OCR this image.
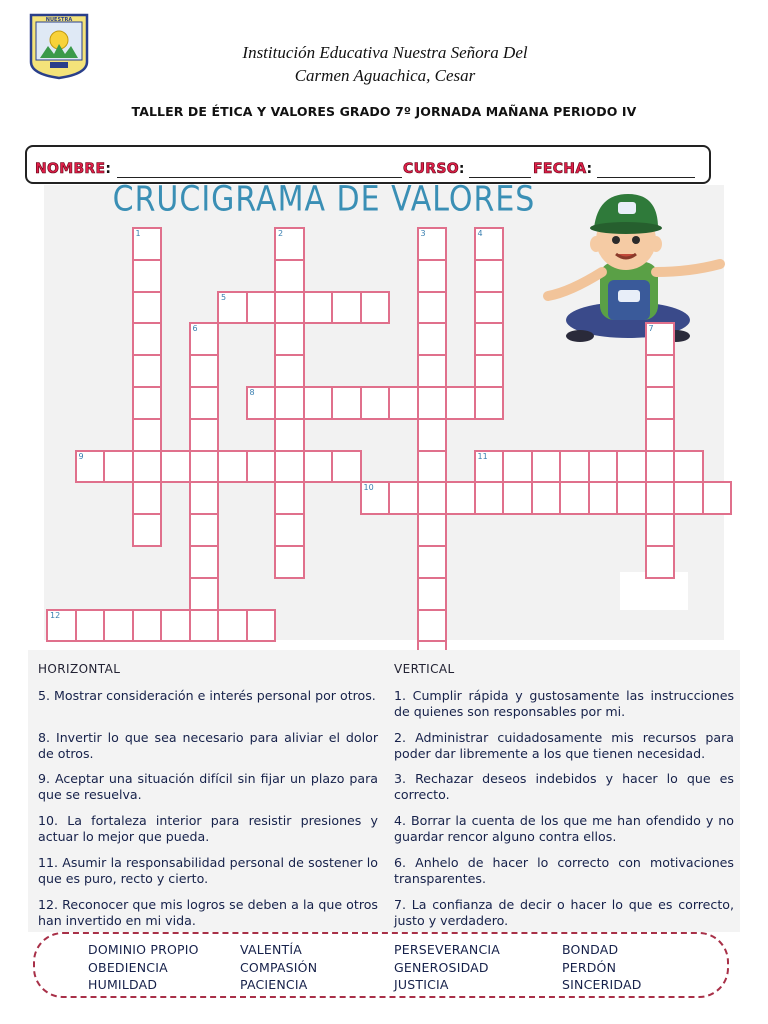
NUESTRA
Institución Educativa Nuestra Señora Del
Carmen Aguachica, Cesar
TALLER DE ÉTICA Y VALORES GRADO 7º JORNADA MAÑANA PERIODO IV
NOMBRE:	CURSO:	FECHA:
CRUCIGRAMA DE VALORES
1	2	3	4
5
6	7
8
9
10
11
12
HORIZONTAL	VERTICAL
5. Mostrar consideración e interés personal por otros.
8. Invertir lo que sea necesario para aliviar el dolor de otros.
9. Aceptar una situación difícil sin fijar un plazo para que se resuelva.
10. La fortaleza interior para resistir presiones y actuar lo mejor que pueda.
11. Asumir la responsabilidad personal de sostener lo que es puro, recto y cierto.
12. Reconocer que mis logros se deben a la que otros han invertido en mi vida.
1. Cumplir rápida y gustosamente las instrucciones de quienes son responsables por mi.
2. Administrar cuidadosamente mis recursos para poder dar libremente a los que tienen necesidad.
3. Rechazar deseos indebidos y hacer lo que es correcto.
4. Borrar la cuenta de los que me han ofendido y no guardar rencor alguno contra ellos.
6. Anhelo de hacer lo correcto con motivaciones transparentes.
7. La confianza de decir o hacer lo que es correcto, justo y verdadero.
DOMINIO PROPIO
OBEDIENCIA
HUMILDAD
VALENTÍA
COMPASIÓN
PACIENCIA
PERSEVERANCIA
GENEROSIDAD
JUSTICIA
BONDAD
PERDÓN
SINCERIDAD
